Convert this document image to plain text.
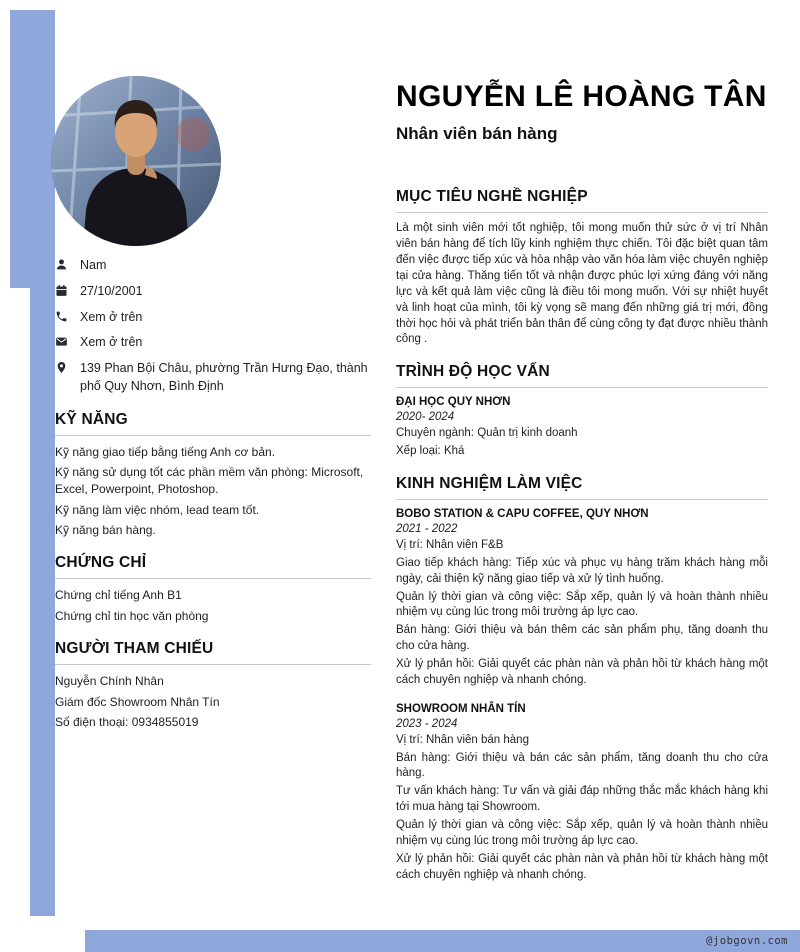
Nam
27/10/2001
Xem ở trên
Xem ở trên
139 Phan Bội Châu, phường Trần Hưng Đạo, thành phố Quy Nhơn, Bình Định
KỸ NĂNG
Kỹ năng giao tiếp bằng tiếng Anh cơ bản.
Kỹ năng sử dụng tốt các phần mềm văn phòng: Microsoft, Excel, Powerpoint, Photoshop.
Kỹ năng làm việc nhóm, lead team tốt.
Kỹ năng bán hàng.
CHỨNG CHỈ
Chứng chỉ tiếng Anh B1
Chứng chỉ tin học văn phòng
NGƯỜI THAM CHIẾU
Nguyễn Chính Nhân
Giám đốc Showroom Nhân Tín
Số điện thoại: 0934855019
NGUYỄN LÊ HOÀNG TÂN
Nhân viên bán hàng
MỤC TIÊU NGHỀ NGHIỆP
Là một sinh viên mới tốt nghiệp, tôi mong muốn thử sức ở vị trí Nhân viên bán hàng để tích lũy kinh nghiệm thực chiến. Tôi đặc biệt quan tâm đến việc được tiếp xúc và hòa nhập vào văn hóa làm việc chuyên nghiệp tại cửa hàng. Thăng tiến tốt và nhận được phúc lợi xứng đáng với năng lực và kết quả làm việc cũng là điều tôi mong muốn. Với sự nhiệt huyết và linh hoạt của mình, tôi kỳ vọng sẽ mang đến những giá trị mới, đồng thời học hỏi và phát triển bản thân để cùng công ty đạt được nhiều thành công .
TRÌNH ĐỘ HỌC VẤN
ĐẠI HỌC QUY NHƠN
2020- 2024
Chuyên ngành: Quản trị kinh doanh
Xếp loại: Khá
KINH NGHIỆM LÀM VIỆC
BOBO STATION & CAPU COFFEE, QUY NHƠN
2021 - 2022
Vị trí: Nhân viên F&B
Giao tiếp khách hàng: Tiếp xúc và phục vụ hàng trăm khách hàng mỗi ngày, cải thiện kỹ năng giao tiếp và xử lý tình huống.
Quản lý thời gian và công việc: Sắp xếp, quản lý và hoàn thành nhiều nhiệm vụ cùng lúc trong môi trường áp lực cao.
Bán hàng: Giới thiệu và bán thêm các sản phẩm phụ, tăng doanh thu cho cửa hàng.
Xử lý phản hồi: Giải quyết các phàn nàn và phản hồi từ khách hàng một cách chuyên nghiệp và nhanh chóng.
SHOWROOM NHÂN TÍN
2023 - 2024
Vị trí: Nhân viên bán hàng
Bán hàng: Giới thiệu và bán các sản phẩm, tăng doanh thu cho cửa hàng.
Tư vấn khách hàng: Tư vấn và giải đáp những thắc mắc khách hàng khi tới mua hàng tại Showroom.
Quản lý thời gian và công việc: Sắp xếp, quản lý và hoàn thành nhiều nhiệm vụ cùng lúc trong môi trường áp lực cao.
Xử lý phản hồi: Giải quyết các phàn nàn và phản hồi từ khách hàng một cách chuyên nghiệp và nhanh chóng.
@jobgovn.com
